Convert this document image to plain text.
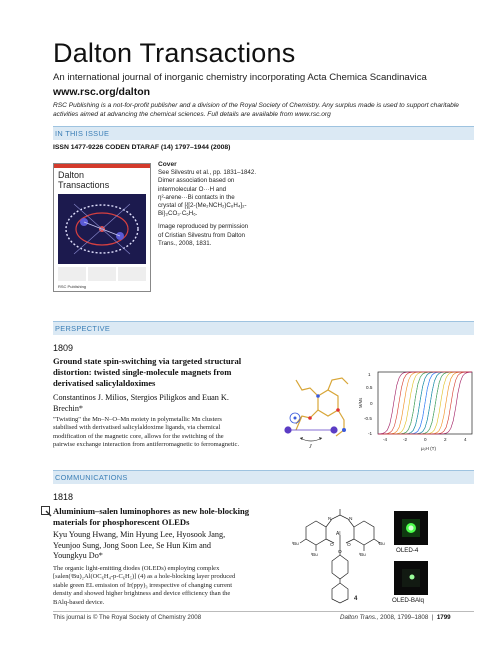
Dalton Transactions
An international journal of inorganic chemistry incorporating Acta Chemica Scandinavica
www.rsc.org/dalton
RSC Publishing is a not-for-profit publisher and a division of the Royal Society of Chemistry. Any surplus made is used to support charitable activities aimed at advancing the chemical sciences. Full details are available from www.rsc.org
IN THIS ISSUE
ISSN 1477-9226 CODEN DTARAF (14) 1797–1944 (2008)
Dalton
Transactions
RSC Publishing

Cover
See Silvestru et al., pp. 1831–1842.
Dimer association based on
intermolecular O···H and
η²-arene···Bi contacts in the
crystal of [{[2-(Me₂NCH₂)C₆H₄]₂-
Bi}₂CO₃·C₆H₆.

Image reproduced by permission
of Cristian Silvestru from Dalton
Trans., 2008, 1831.

PERSPECTIVE
1809
Ground state spin-switching via targeted structural
distortion: twisted single-molecule magnets from
derivatised salicylaldoximes
Constantinos J. Milios, Stergios Piligkos and Euan K.
Brechin*
"Twisting" the Mn–N–O–Mn moiety in polymetallic Mn clusters
stabilised with derivatised salicylaldoxime ligands, via chemical
modification of the magnetic core, allows for the switching of the
pairwise exchange interaction from antiferromagnetic to ferromagnetic.	J
1
0.5
0
-0.5
-1
-4	-2	0	2	4
μ₀H (T)
M/Ms
COMMUNICATIONS
1818
Aluminium–salen luminophores as new hole-blocking
materials for phosphorescent OLEDs
Kyu Young Hwang, Min Hyung Lee, Hyosook Jang,
Yeunjoo Sung, Jong Soon Lee, Se Hun Kim and
Youngkyu Do*
The organic light-emitting diodes (OLEDs) employing complex
[salen(ᵗBu)₂Al(OC₆H₄-p-C₆H₅)] (4) as a hole-blocking layer produced
stable green EL emission of Ir(ppy)₃ irrespective of changing current
density and showed higher brightness and device efficiency than the
BAlq-based device.
N	N
Al
O	O
O
ᵗBu	ᵗBu
ᵗBu	ᵗBu
4
OLED-4
OLED-BAlq
This journal is © The Royal Society of Chemistry 2008	Dalton Trans., 2008, 1799–1808  |  1799
